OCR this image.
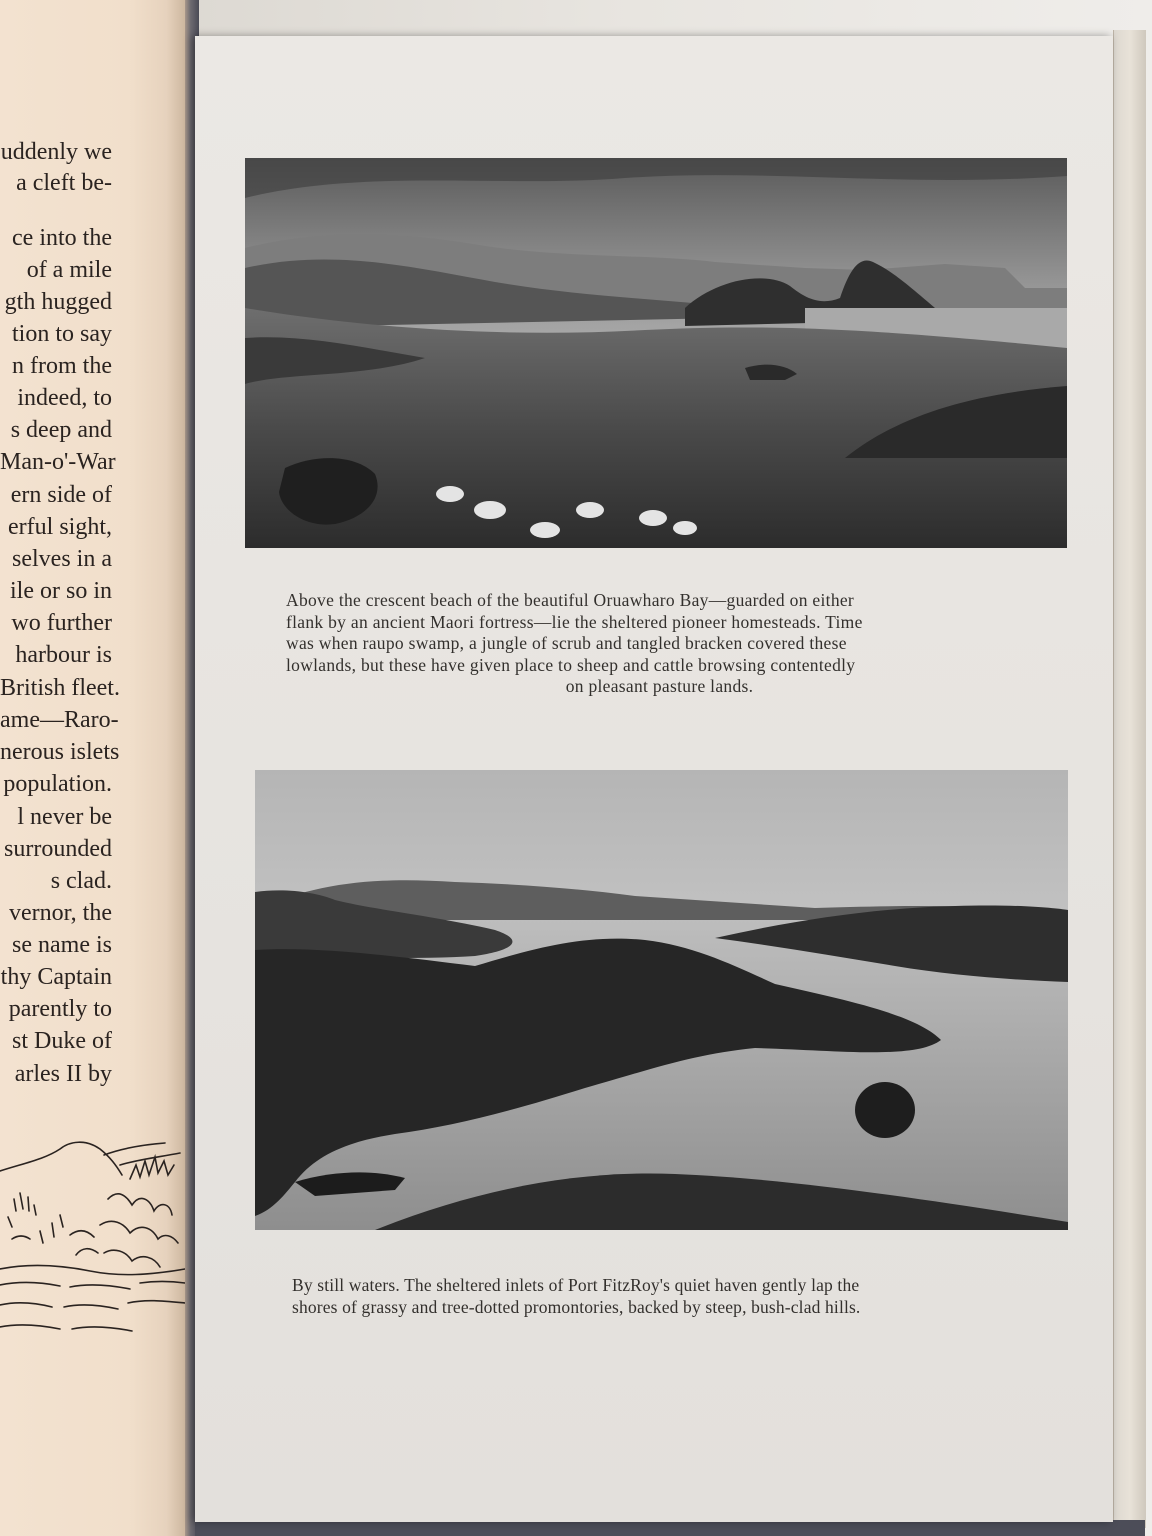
uddenly we
a cleft be-
ce into the
of a mile
gth hugged
tion to say
n from the
indeed, to
s deep and
Man-o'-War
ern side of
erful sight,
selves in a
ile or so in
wo further
harbour is
British fleet.
ame—Raro-
nerous islets
population.
l never be
surrounded
s clad.
vernor, the
se name is
thy Captain
parently to
st Duke of
arles II by
Above the crescent beach of the beautiful Oruawharo Bay—guarded on either
flank by an ancient Maori fortress—lie the sheltered pioneer homesteads. Time
was when raupo swamp, a jungle of scrub and tangled bracken covered these
lowlands, but these have given place to sheep and cattle browsing contentedly
on pleasant pasture lands.
By still waters. The sheltered inlets of Port FitzRoy's quiet haven gently lap the
shores of grassy and tree-dotted promontories, backed by steep, bush-clad hills.
